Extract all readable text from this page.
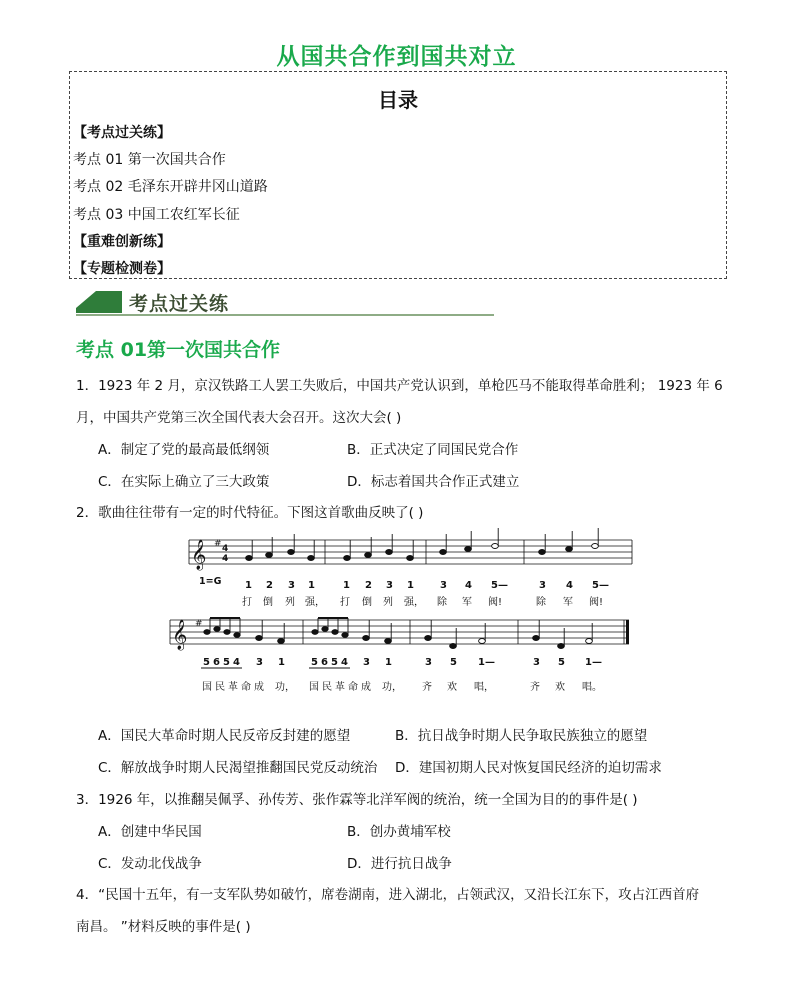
从国共合作到国共对立
目录
【考点过关练】
考点 01 第一次国共合作
考点 02 毛泽东开辟井冈山道路
考点 03 中国工农红军长征
【重难创新练】
【专题检测卷】
考点过关练
考点 01第一次国共合作
1．1923 年 2 月，京汉铁路工人罢工失败后，中国共产党认识到，单枪匹马不能取得革命胜利； 1923 年 6
月，中国共产党第三次全国代表大会召开。这次大会( )
A．制定了党的最高最低纲领	B．正式决定了同国民党合作
C．在实际上确立了三大政策	D．标志着国共合作正式建立
2．歌曲往往带有一定的时代特征。下图这首歌曲反映了( )
𝄞 # 4
4
1=G 1 2 3 1	1 2 3 1	3 4 5—	3 4 5—
打 倒 列 强， 打 倒 列 强， 除 军 阀!	除 军 阀!
𝄞 #
5 6 5 4 3 1	5 6 5 4 3 1	3 5 1—	3 5 1—
国 民 革 命 成 功， 国 民 革 命 成 功， 齐 欢 唱，	齐 欢 唱。
A．国民大革命时期人民反帝反封建的愿望	B．抗日战争时期人民争取民族独立的愿望
C．解放战争时期人民渴望推翻国民党反动统治 D．建国初期人民对恢复国民经济的迫切需求
3．1926 年，以推翻吴佩孚、孙传芳、张作霖等北洋军阀的统治，统一全国为目的的事件是( )
A．创建中华民国	B．创办黄埔军校
C．发动北伐战争	D．进行抗日战争
4．“民国十五年，有一支军队势如破竹，席卷湖南，进入湖北，占领武汉，又沿长江东下，攻占江西首府
南昌。 ”材料反映的事件是( )
